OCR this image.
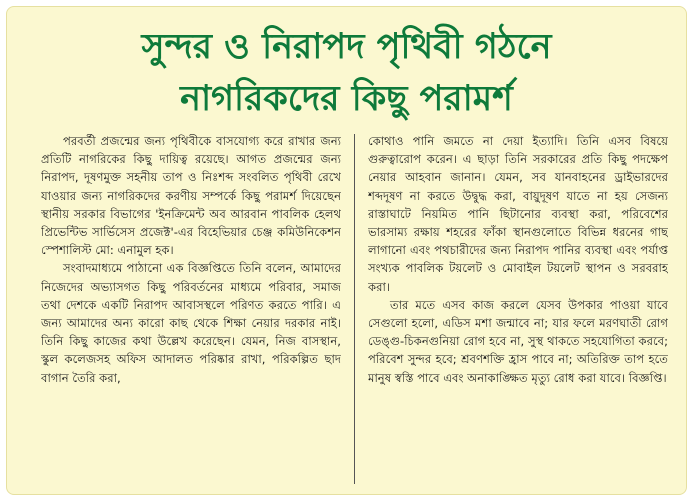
সুন্দর ও নিরাপদ পৃথিবী গঠনে
নাগরিকদের কিছু পরামর্শ

পরবর্তী প্রজন্মের জন্য পৃথিবীকে বাসযোগ্য করে রাখার জন্য প্রতিটি নাগরিকের কিছু দায়িত্ব রয়েছে। আগত প্রজন্মের জন্য নিরাপদ, দূষণমুক্ত সহনীয় তাপ ও নিঃশব্দ সংবলিত পৃথিবী রেখে যাওয়ার জন্য নাগরিকদের করণীয় সম্পর্কে কিছু পরামর্শ দিয়েছেন স্থানীয় সরকার বিভাগের 'ইনক্রিমেন্ট অব আরবান পাবলিক হেলথ প্রিভেন্টিভ সার্ভিসেস প্রজেক্ট'-এর বিহেভিয়ার চেঞ্জ কমিউনিকেশন স্পেশালিস্ট মো: এনামুল হক।

সংবাদমাধ্যমে পাঠানো এক বিজ্ঞপ্তিতে তিনি বলেন, আমাদের নিজেদের অভ্যাসগত কিছু পরিবর্তনের মাধ্যমে পরিবার, সমাজ তথা দেশকে একটি নিরাপদ আবাসস্থলে পরিণত করতে পারি। এ জন্য আমাদের অন্য কারো কাছ থেকে শিক্ষা নেয়ার দরকার নাই। তিনি কিছু কাজের কথা উল্লেখ করেছেন। যেমন, নিজ বাসস্থান, স্কুল কলেজসহ অফিস আদালত পরিষ্কার রাখা, পরিকল্পিত ছাদ বাগান তৈরি করা,

কোথাও পানি জমতে না দেয়া ইত্যাদি। তিনি এসব বিষয়ে গুরুত্বারোপ করেন। এ ছাড়া তিনি সরকারের প্রতি কিছু পদক্ষেপ নেয়ার আহবান জানান। যেমন, সব যানবাহনের ড্রাইভারদের শব্দদূষণ না করতে উদ্বুদ্ধ করা, বায়ুদূষণ যাতে না হয় সেজন্য রাস্তাঘাটে নিয়মিত পানি ছিটানোর ব্যবস্থা করা, পরিবেশের ভারসাম্য রক্ষায় শহরের ফাঁকা স্থানগুলোতে বিভিন্ন ধরনের গাছ লাগানো এবং পথচারীদের জন্য নিরাপদ পানির ব্যবস্থা এবং পর্যাপ্ত সংখ্যক পাবলিক টয়লেট ও মোবাইল টয়লেট স্থাপন ও সরবরাহ করা।

তার মতে এসব কাজ করলে যেসব উপকার পাওয়া যাবে সেগুলো হলো, এডিস মশা জন্মাবে না; যার ফলে মরণঘাতী রোগ ডেঙ্গু-চিকনগুনিয়া রোগ হবে না, সুস্থ থাকতে সহযোগিতা করবে; পরিবেশ সুন্দর হবে; শ্রবণশক্তি হ্রাস পাবে না; অতিরিক্ত তাপ হতে মানুষ স্বস্তি পাবে এবং অনাকাঙ্ক্ষিত মৃত্যু রোধ করা যাবে। বিজ্ঞপ্তি।
